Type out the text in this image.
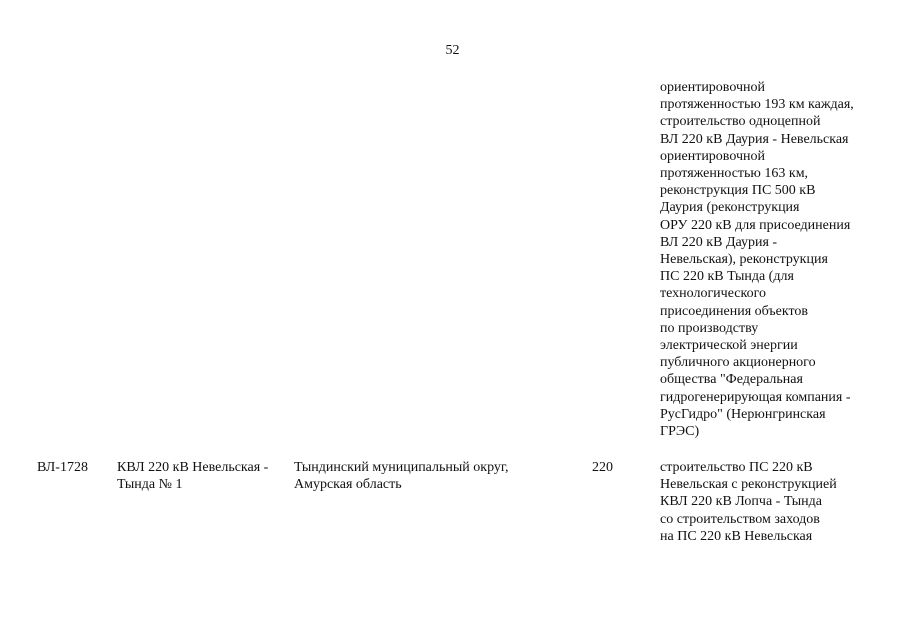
52
ориентировочной
протяженностью 193 км каждая,
строительство одноцепной
ВЛ 220 кВ Даурия - Невельская
ориентировочной
протяженностью 163 км,
реконструкция ПС 500 кВ
Даурия (реконструкция
ОРУ 220 кВ для присоединения
ВЛ 220 кВ Даурия -
Невельская), реконструкция
ПС 220 кВ Тында (для
технологического
присоединения объектов
по производству
электрической энергии
публичного акционерного
общества "Федеральная
гидрогенерирующая компания -
РусГидро" (Нерюнгринская
ГРЭС)
ВЛ-1728 КВЛ 220 кВ Невельская -
Тында № 1
Тындинский муниципальный округ,
Амурская область
220	строительство ПС 220 кВ
Невельская с реконструкцией
КВЛ 220 кВ Лопча - Тында
со строительством заходов
на ПС 220 кВ Невельская
